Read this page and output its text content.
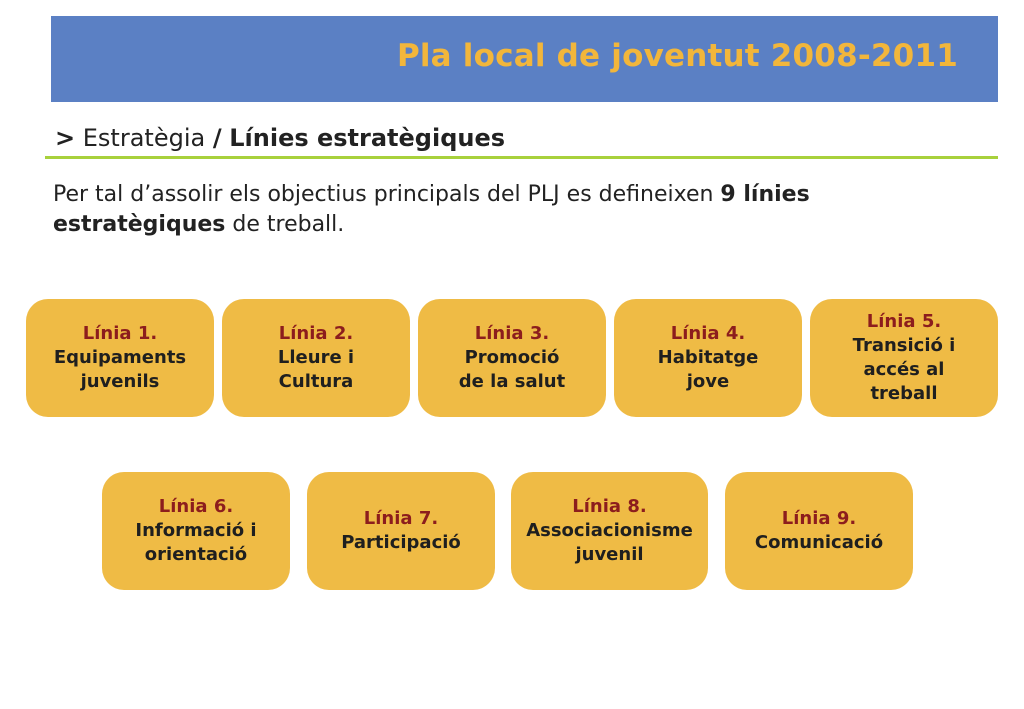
Pla local de joventut 2008-2011
> Estratègia / Línies estratègiques
Per tal d’assolir els objectius principals del PLJ es defineixen 9 línies
estratègiques de treball.
Línia 1.
Equipaments
juvenils
Línia 2.
Lleure i
Cultura
Línia 3.
Promoció
de la salut
Línia 4.
Habitatge
jove
Línia 5.
Transició i
accés al
treball
Línia 6.
Informació i
orientació
Línia 7.
Participació
Línia 8.
Associacionisme
juvenil
Línia 9.
Comunicació
